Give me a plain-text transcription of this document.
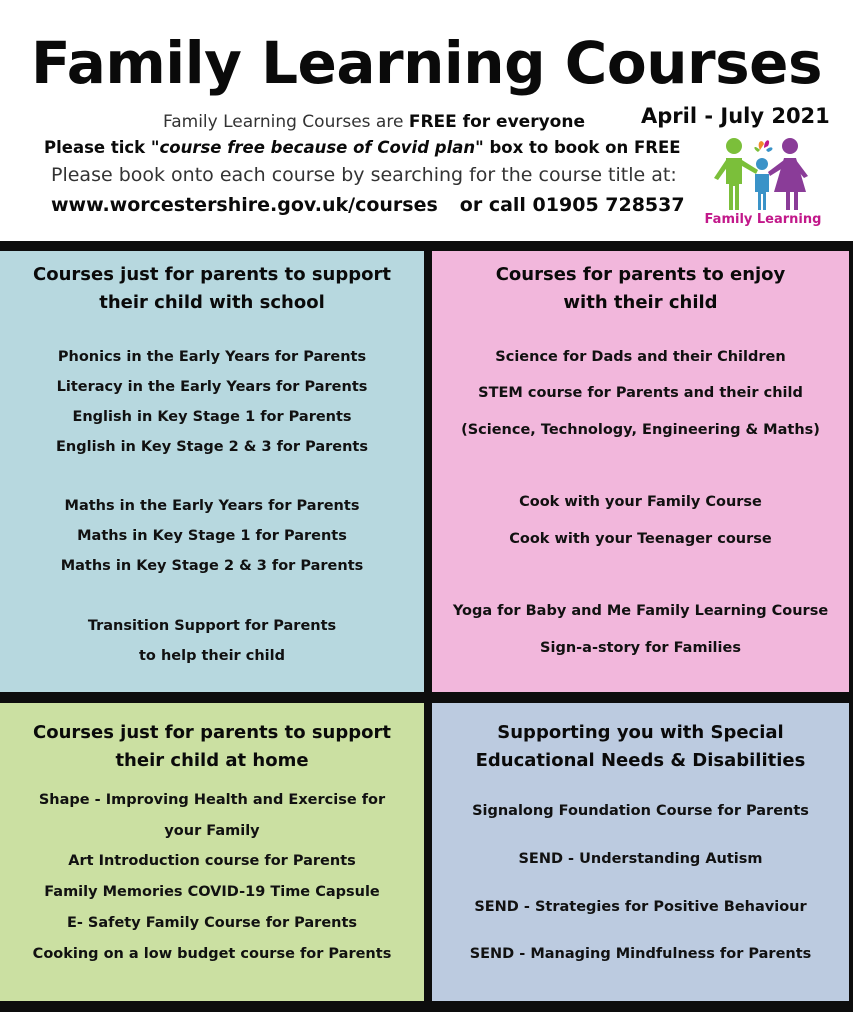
Family Learning Courses
Family Learning Courses are FREE for everyone	April - July 2021
Please tick "course free because of Covid plan" box to book on FREE
Please book onto each course by searching for the course title at:
www.worcestershire.gov.uk/courses or call 01905 728537
Family Learning
Courses just for parents to support
their child with school
Phonics in the Early Years for Parents
Literacy in the Early Years for Parents
English in Key Stage 1 for Parents
English in Key Stage 2 & 3 for Parents
Maths in the Early Years for Parents
Maths in Key Stage 1 for Parents
Maths in Key Stage 2 & 3 for Parents
Transition Support for Parents
to help their child
Courses for parents to enjoy
with their child
Science for Dads and their Children
STEM course for Parents and their child
(Science, Technology, Engineering & Maths)
Cook with your Family Course
Cook with your Teenager course
Yoga for Baby and Me Family Learning Course
Sign-a-story for Families
Courses just for parents to support
their child at home
Shape - Improving Health and Exercise for
your Family
Art Introduction course for Parents
Family Memories COVID-19 Time Capsule
E- Safety Family Course for Parents
Cooking on a low budget course for Parents
Supporting you with Special
Educational Needs & Disabilities
Signalong Foundation Course for Parents
SEND - Understanding Autism
SEND - Strategies for Positive Behaviour
SEND - Managing Mindfulness for Parents
